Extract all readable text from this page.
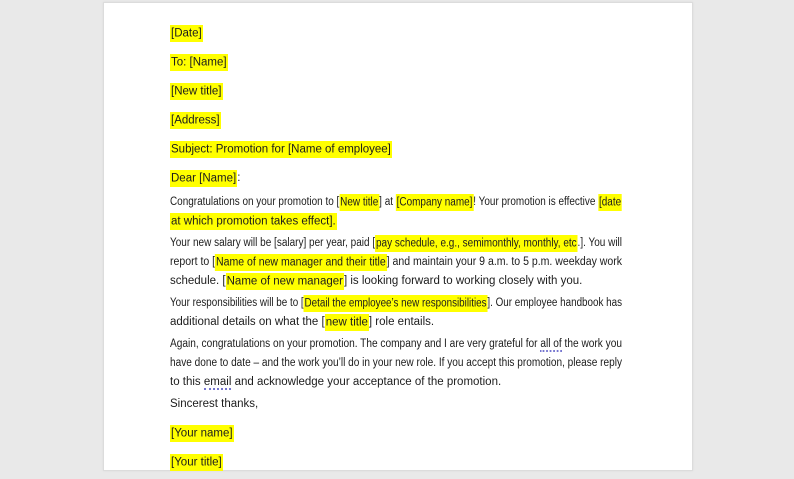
[Date]
To: [Name]
[New title]
[Address]
Subject: Promotion for [Name of employee]
Dear [Name]:
Congratulations on your promotion to [New title] at [Company name]! Your promotion is effective [date
at which promotion takes effect].
Your new salary will be [salary] per year, paid [pay schedule, e.g., semimonthly, monthly, etc.]. You will
report to [Name of new manager and their title] and maintain your 9 a.m. to 5 p.m. weekday work
schedule. [Name of new manager] is looking forward to working closely with you.
Your responsibilities will be to [Detail the employee’s new responsibilities]. Our employee handbook has
additional details on what the [new title] role entails.
Again, congratulations on your promotion. The company and I are very grateful for all of the work you
have done to date – and the work you’ll do in your new role. If you accept this promotion, please reply
to this email and acknowledge your acceptance of the promotion.
Sincerest thanks,
[Your name]
[Your title]
